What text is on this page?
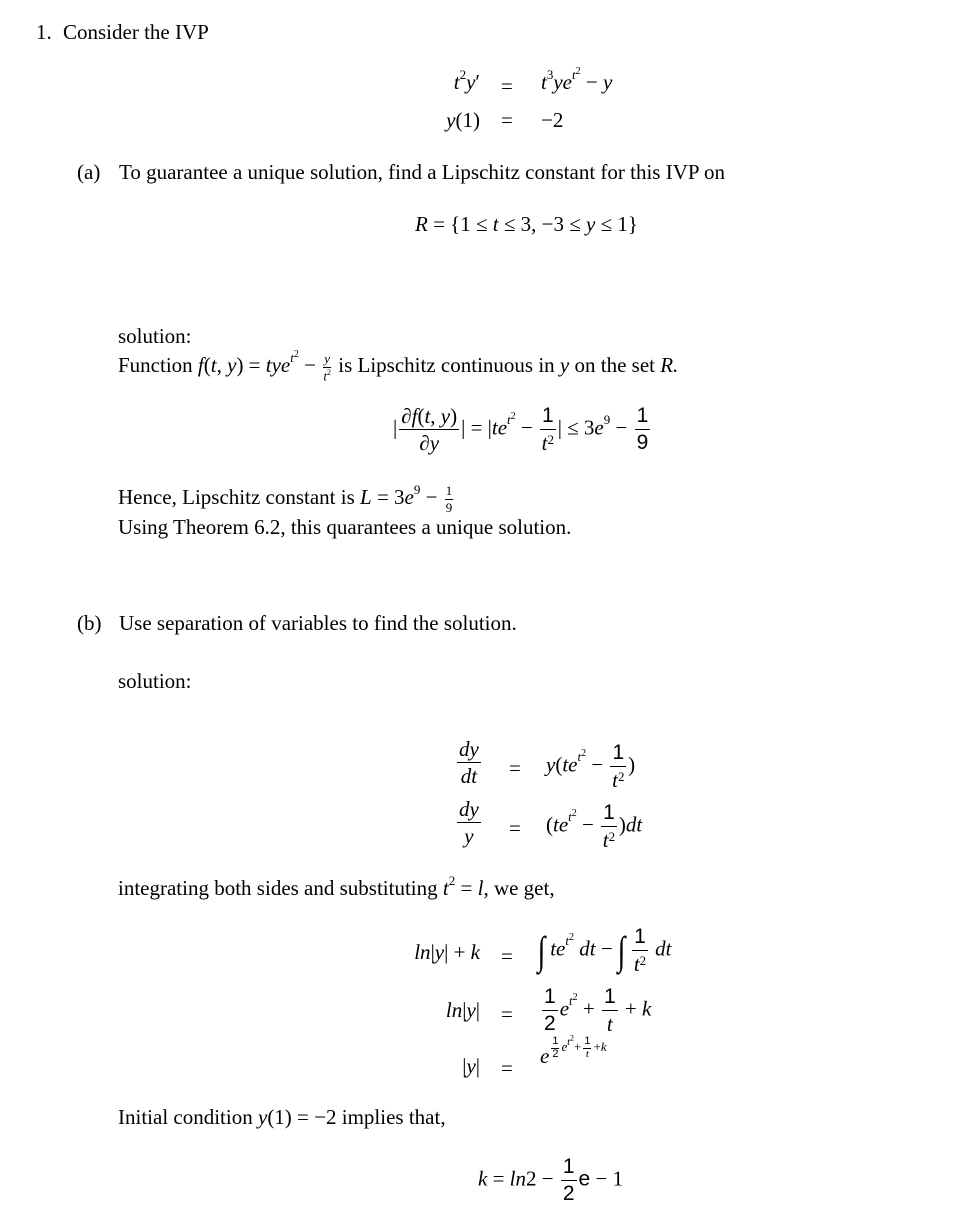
1. Consider the IVP
$t^2y' = t^3ye^{t^2} - y$
y(1) = −2
(a) To guarantee a unique solution, find a Lipschitz constant for this IVP on
R = {1 ≤ t ≤ 3, −3 ≤ y ≤ 1}
solution:
Function f(t, $y) = tye^{t^2} - \frac{y}{t^2}$ is Lipschitz continuous in y on the set R.
| $\frac{\partial f(t, y)}{\partial y}$ | = $|te^{t^2} - \frac{1}{t^2}$ | ≤ $3e^9 - \frac{1}{9}$
Hence, Lipschitz constant is $L = 3e^9 - \frac{1}{9}$
Using Theorem 6.2, this quarantees a unique solution.
(b) Use separation of variables to find the solution.
solution:
$\frac{dy}{dt} = y(te^{t^2} - \frac{1}{t^2}$ )
$\frac{dy}{y} = (te^{t^2} - \frac{1}{t^2} )dt$
integrating both sides and substituting $t^2 = l$, we get,
ln|y| + k = ∫ $te^{t^2}$ dt − ∫ $\frac{1}{t^2}$ dt
$\ln|y| = \frac{1}{2} e^{t^2} + \frac{1}{t} + k$
|y| = e $^{\frac{1}{2} e^{t^2}+ \frac{1}{t} +k}$
Initial condition y(1) = −2 implies that,
$k = \ln 2 - \frac{1}{2}$ e − 1
